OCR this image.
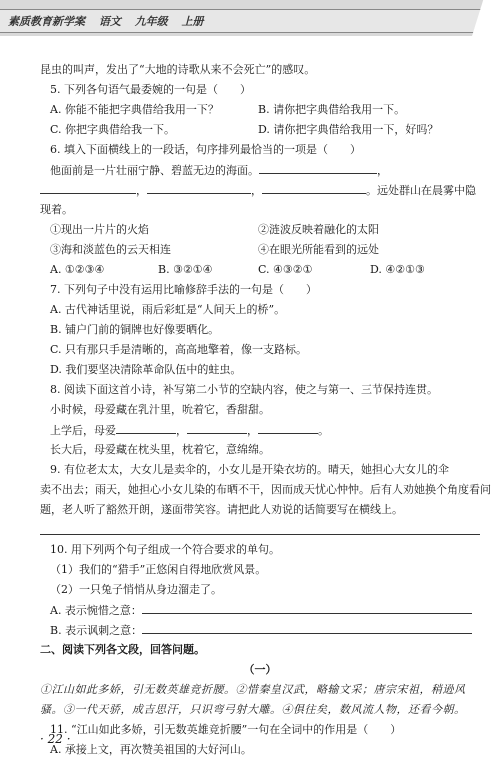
素质教育新学案 语文 九年级 上册
昆虫的叫声，发出了“大地的诗歌从来不会死亡”的感叹。
5. 下列各句语气最委婉的一句是（　　）
A. 你能不能把字典借给我用一下？	B. 请你把字典借给我用一下。
C. 你把字典借给我一下。	D. 请你把字典借给我用一下，好吗？
6. 填入下面横线上的一段话，句序排列最恰当的一项是（　　）
他面前是一片壮丽宁静、碧蓝无边的海面。	，
，	，	。远处群山在晨雾中隐
现着。
①现出一片片的火焰	②涟波反映着融化的太阳
③海和淡蓝色的云天相连	④在眼光所能看到的远处
A. ①②③④	B. ③②①④	C. ④③②①	D. ④②①③
7. 下列句子中没有运用比喻修辞手法的一句是（　　）
A. 古代神话里说，雨后彩虹是“人间天上的桥”。
B. 铺户门前的铜牌也好像要晒化。
C. 只有那只手是清晰的，高高地擎着，像一支路标。
D. 我们要坚决清除革命队伍中的蛀虫。
8. 阅读下面这首小诗，补写第二小节的空缺内容，使之与第一、三节保持连贯。
小时候，母爱藏在乳汁里，吮着它，香甜甜。
上学后，母爱	，	，	。
长大后，母爱藏在枕头里，枕着它，意绵绵。
9. 有位老太太，大女儿是卖伞的，小女儿是开染衣坊的。晴天，她担心大女儿的伞
卖不出去；雨天，她担心小女儿染的布晒不干，因而成天忧心忡忡。后有人劝她换个角度看问
题，老人听了豁然开朗，遂面带笑容。请把此人劝说的话简要写在横线上。
10. 用下列两个句子组成一个符合要求的单句。
（1）我们的“猎手”正悠闲自得地欣赏风景。
（2）一只兔子悄悄从身边溜走了。
A. 表示惋惜之意：
B. 表示讽刺之意：
二、阅读下列各文段，回答问题。
（一）
①江山如此多娇，引无数英雄竞折腰。②惜秦皇汉武，略输文采；唐宗宋祖，稍逊风
骚。③一代天骄，成吉思汗，只识弯弓射大雕。④俱往矣，数风流人物，还看今朝。
11. “江山如此多娇，引无数英雄竞折腰”一句在全词中的作用是（　　）
A. 承接上文，再次赞美祖国的大好河山。
· 22 ·
